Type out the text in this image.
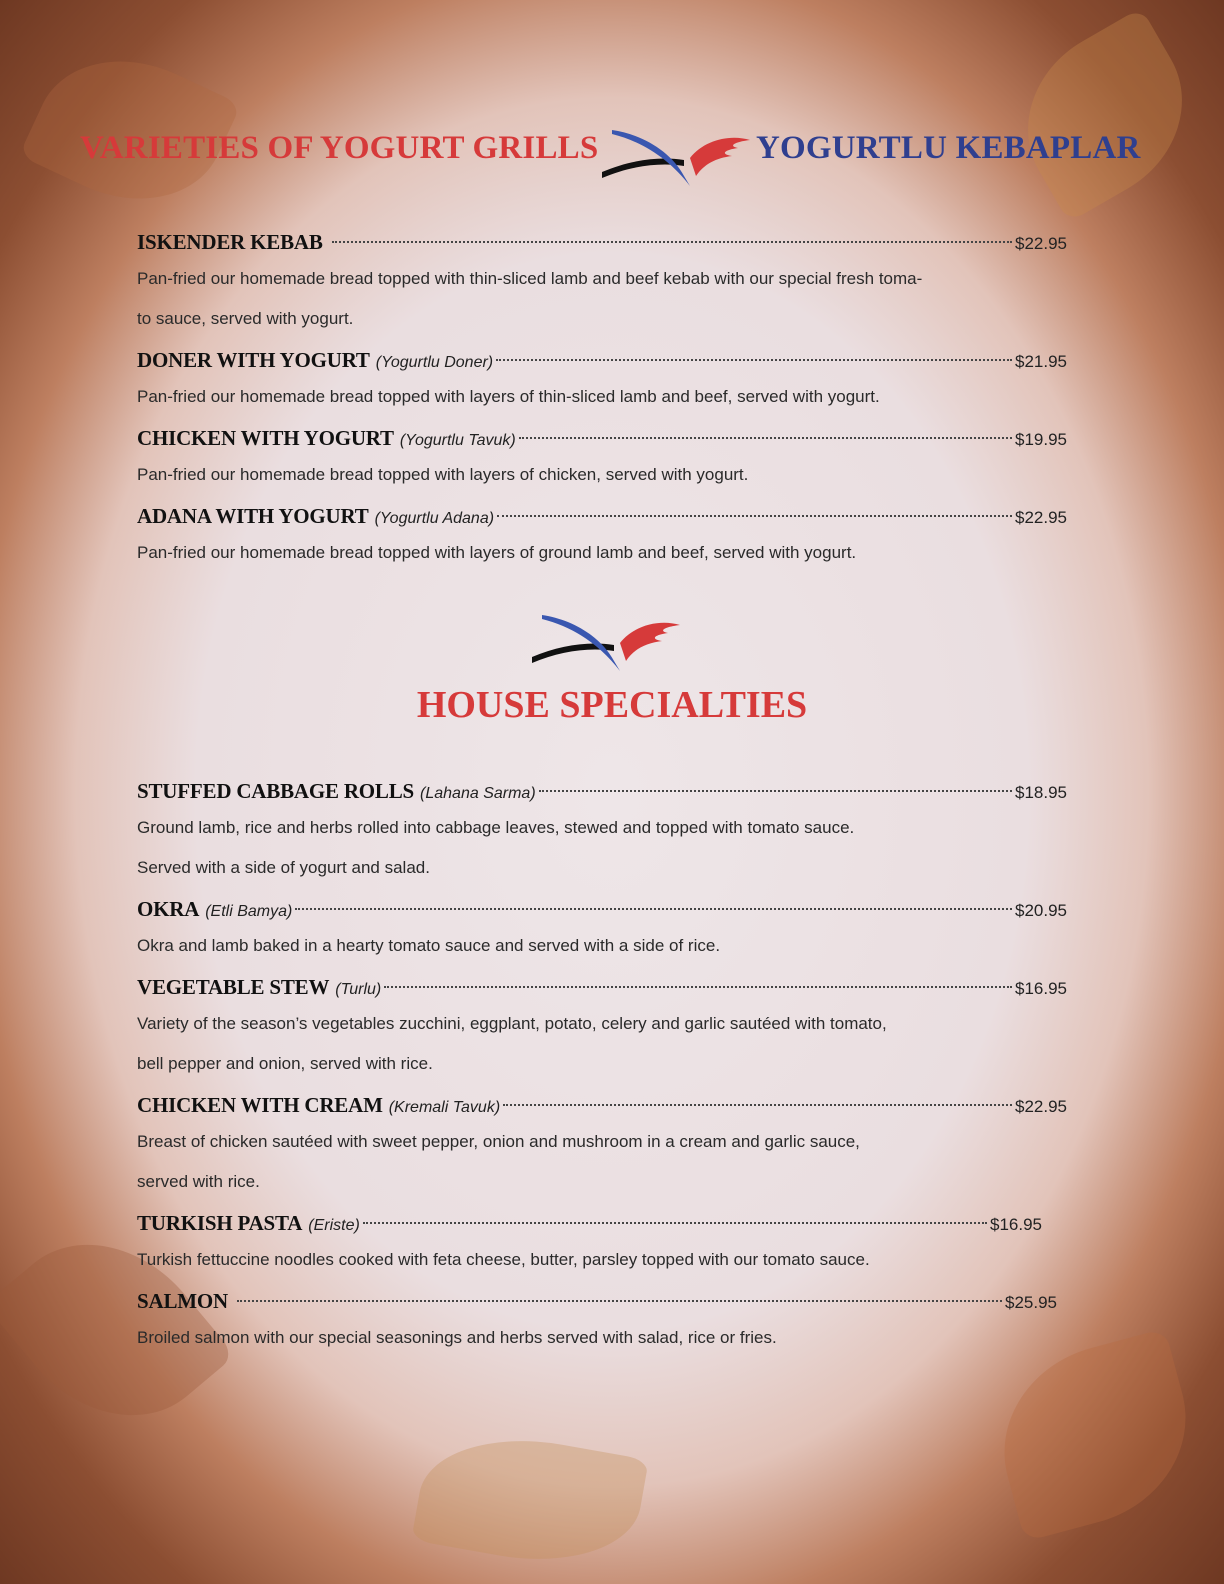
VARIETIES OF YOGURT GRILLS	YOGURTLU KEBAPLAR
ISKENDER KEBAB	$22.95

Pan-fried our homemade bread topped with thin-sliced lamb and beef kebab with our special fresh toma-

to sauce, served with yogurt.

DONER WITH YOGURT (Yogurtlu Doner)	$21.95

Pan-fried our homemade bread topped with layers of thin-sliced lamb and beef, served with yogurt.

CHICKEN WITH YOGURT (Yogurtlu Tavuk)	$19.95

Pan-fried our homemade bread topped with layers of chicken, served with yogurt.

ADANA WITH YOGURT (Yogurtlu Adana)	$22.95

Pan-fried our homemade bread topped with layers of ground lamb and beef, served with yogurt.

HOUSE SPECIALTIES
STUFFED CABBAGE ROLLS (Lahana Sarma)	$18.95

Ground lamb, rice and herbs rolled into cabbage leaves, stewed and topped with tomato sauce.

Served with a side of yogurt and salad.

OKRA (Etli Bamya)	$20.95

Okra and lamb baked in a hearty tomato sauce and served with a side of rice.

VEGETABLE STEW (Turlu)	$16.95

Variety of the season’s vegetables zucchini, eggplant, potato, celery and garlic sautéed with tomato,

bell pepper and onion, served with rice.

CHICKEN WITH CREAM (Kremali Tavuk)	$22.95

Breast of chicken sautéed with sweet pepper, onion and mushroom in a cream and garlic sauce,

served with rice.

TURKISH PASTA (Eriste)	$16.95

Turkish fettuccine noodles cooked with feta cheese, butter, parsley topped with our tomato sauce.

SALMON	$25.95

Broiled salmon with our special seasonings and herbs served with salad, rice or fries.
